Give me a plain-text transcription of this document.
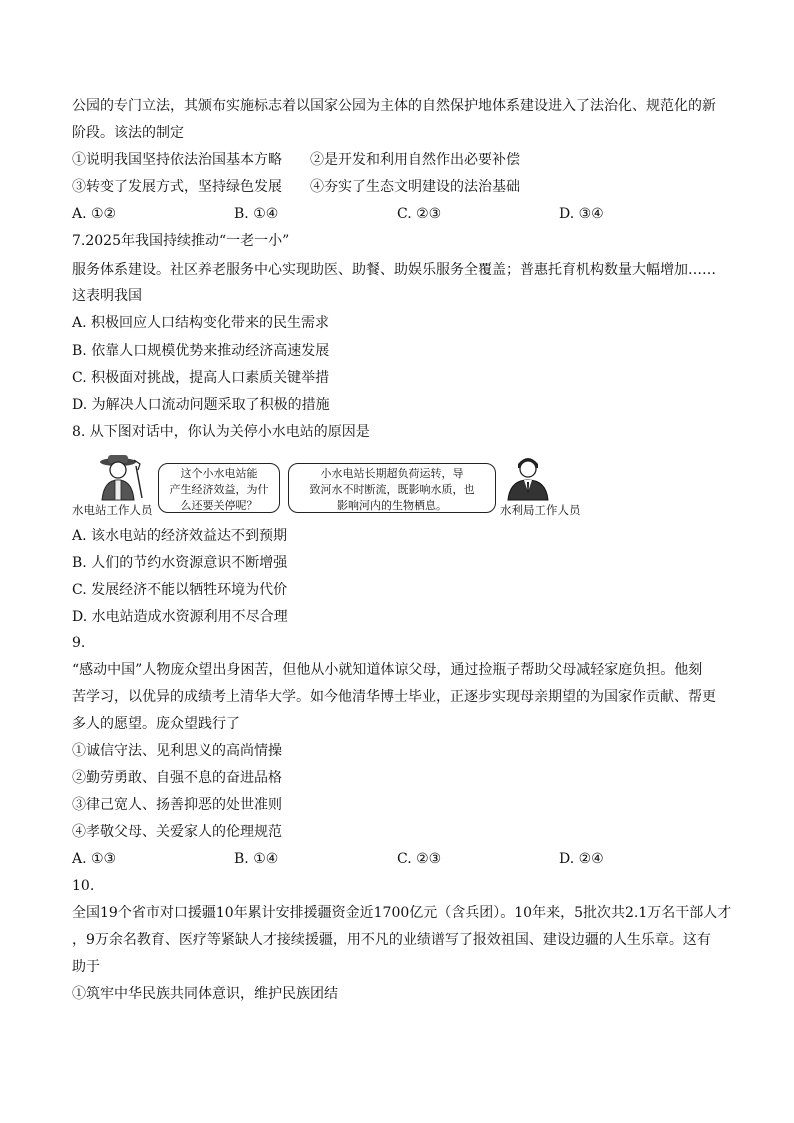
公园的专门立法，其颁布实施标志着以国家公园为主体的自然保护地体系建设进入了法治化、规范化的新
阶段。该法的制定
①说明我国坚持依法治国基本方略 ②是开发和利用自然作出必要补偿
③转变了发展方式，坚持绿色发展 ④夯实了生态文明建设的法治基础
A. ①②	B. ①④	C. ②③	D. ③④
7.2025年我国持续推动“一老一小”
服务体系建设。社区养老服务中心实现助医、助餐、助娱乐服务全覆盖；普惠托育机构数量大幅增加……
这表明我国
A. 积极回应人口结构变化带来的民生需求
B. 依靠人口规模优势来推动经济高速发展
C. 积极面对挑战，提高人口素质关键举措
D. 为解决人口流动问题采取了积极的措施
8. 从下图对话中，你认为关停小水电站的原因是
这个小水电站能
产生经济效益，为什
么还要关停呢？
小水电站长期超负荷运转，导
致河水不时断流，既影响水质，也
影响河内的生物栖息。
水电站工作人员	水利局工作人员
A. 该水电站的经济效益达不到预期
B. 人们的节约水资源意识不断增强
C. 发展经济不能以牺牲环境为代价
D. 水电站造成水资源利用不尽合理
9.
“感动中国”人物庞众望出身困苦，但他从小就知道体谅父母，通过捡瓶子帮助父母减轻家庭负担。他刻
苦学习，以优异的成绩考上清华大学。如今他清华博士毕业，正逐步实现母亲期望的为国家作贡献、帮更
多人的愿望。庞众望践行了
①诚信守法、见利思义的高尚情操
②勤劳勇敢、自强不息的奋进品格
③律己宽人、扬善抑恶的处世准则
④孝敬父母、关爱家人的伦理规范
A. ①③	B. ①④	C. ②③	D. ②④
10.
全国19个省市对口援疆10年累计安排援疆资金近1700亿元（含兵团）。10年来，5批次共2.1万名干部人才
，9万余名教育、医疗等紧缺人才接续援疆，用不凡的业绩谱写了报效祖国、建设边疆的人生乐章。这有
助于
①筑牢中华民族共同体意识，维护民族团结
